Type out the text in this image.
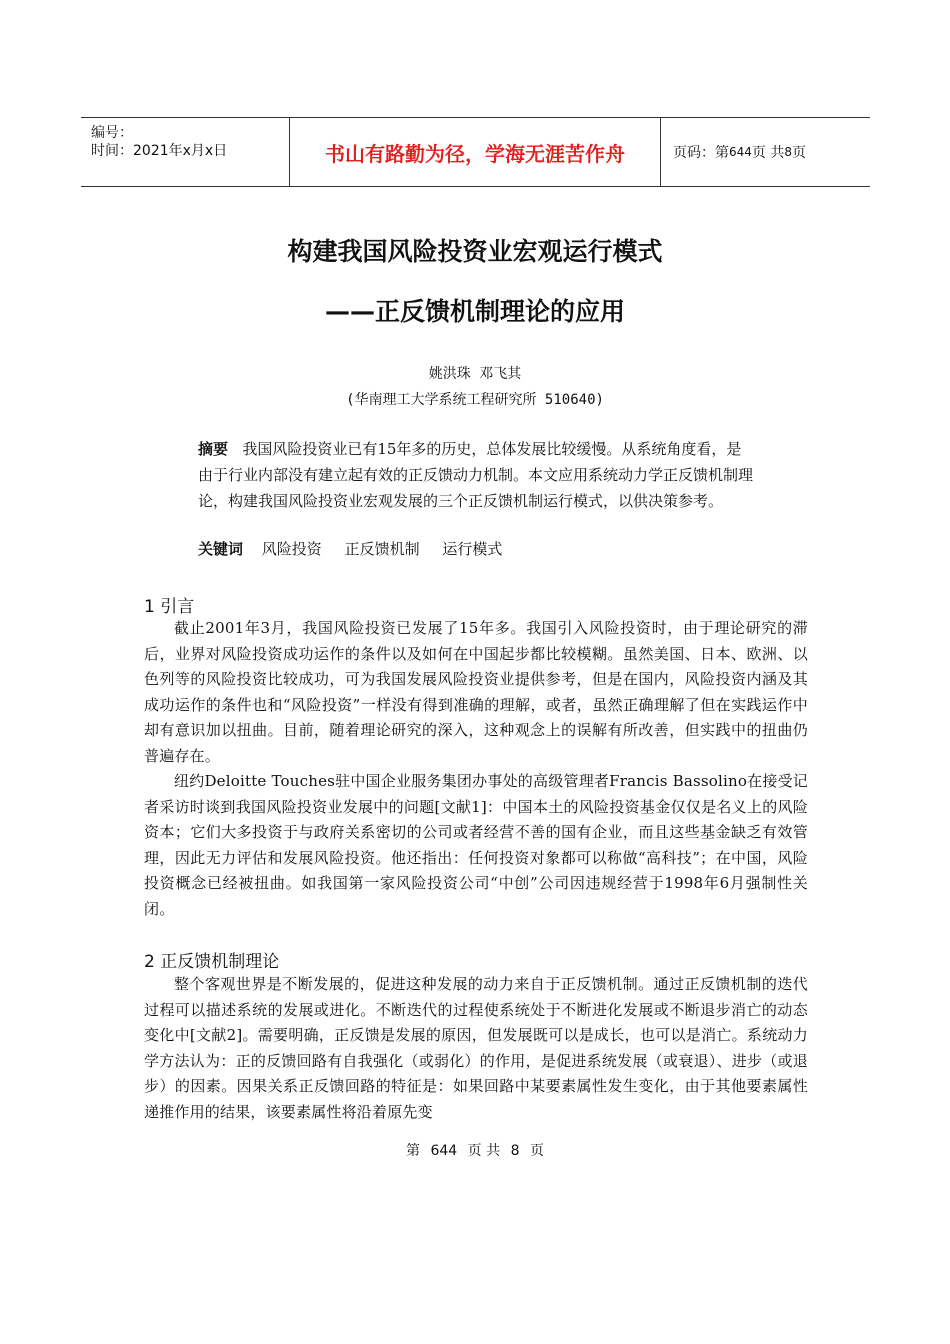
编号：
时间：2021年x月x日	书山有路勤为径，学海无涯苦作舟	页码：第 644 页 共 8 页
构建我国风险投资业宏观运行模式
——正反馈机制理论的应用
姚洪珠 邓飞其
(华南理工大学系统工程研究所 510640)
摘要 我国风险投资业已有15年多的历史，总体发展比较缓慢。从系统角度看，是由于行业内部没有建立起有效的正反馈动力机制。本文应用系统动力学正反馈机制理论，构建我国风险投资业宏观发展的三个正反馈机制运行模式，以供决策参考。
关键词 风险投资 正反馈机制 运行模式
1 引言

截止2001年3月，我国风险投资已发展了15年多。我国引入风险投资时，由于理论研究的滞后，业界对风险投资成功运作的条件以及如何在中国起步都比较模糊。虽然美国、日本、欧洲、以色列等的风险投资比较成功，可为我国发展风险投资业提供参考，但是在国内，风险投资内涵及其成功运作的条件也和“风险投资”一样没有得到准确的理解，或者，虽然正确理解了但在实践运作中却有意识加以扭曲。目前，随着理论研究的深入，这种观念上的误解有所改善，但实践中的扭曲仍普遍存在。

纽约Deloitte Touches驻中国企业服务集团办事处的高级管理者Francis Bassolino在接受记者采访时谈到我国风险投资业发展中的问题[文献1]：中国本土的风险投资基金仅仅是名义上的风险资本；它们大多投资于与政府关系密切的公司或者经营不善的国有企业，而且这些基金缺乏有效管理，因此无力评估和发展风险投资。他还指出：任何投资对象都可以称做“高科技”；在中国，风险投资概念已经被扭曲。如我国第一家风险投资公司“中创”公司因违规经营于1998年6月强制性关闭。

2 正反馈机制理论

整个客观世界是不断发展的，促进这种发展的动力来自于正反馈机制。通过正反馈机制的迭代过程可以描述系统的发展或进化。不断迭代的过程使系统处于不断进化发展或不断退步消亡的动态变化中[文献2]。需要明确，正反馈是发展的原因，但发展既可以是成长，也可以是消亡。系统动力学方法认为：正的反馈回路有自我强化（或弱化）的作用，是促进系统发展（或衰退）、进步（或退步）的因素。因果关系正反馈回路的特征是：如果回路中某要素属性发生变化，由于其他要素属性递推作用的结果，该要素属性将沿着原先变

第 644 页 共 8 页
